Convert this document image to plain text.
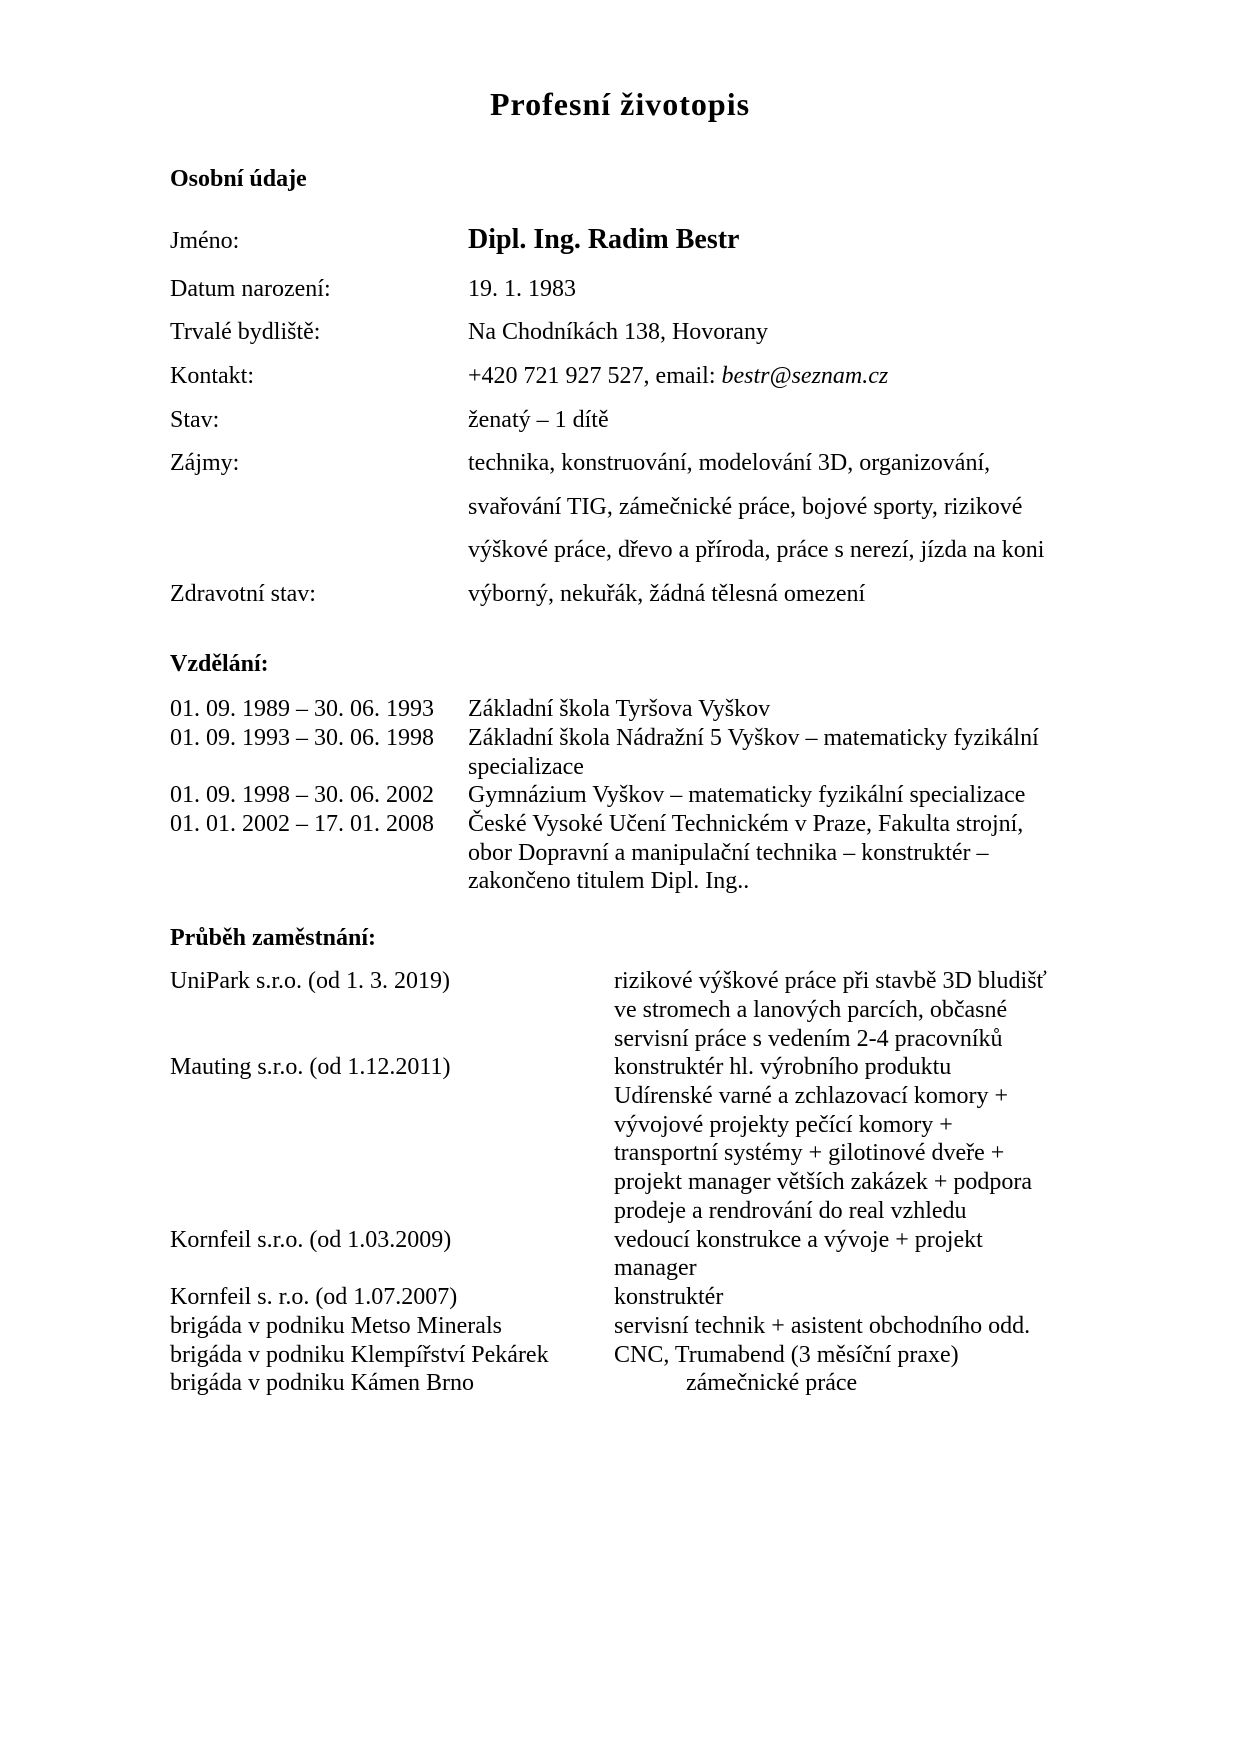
Profesní životopis
Osobní údaje
Jméno:	Dipl. Ing. Radim Bestr
Datum narození:	19. 1. 1983
Trvalé bydliště:	Na Chodníkách 138, Hovorany
Kontakt:	+420 721 927 527, email: bestr@seznam.cz
Stav:	ženatý – 1 dítě
Zájmy:	technika, konstruování, modelování 3D, organizování,
svařování TIG, zámečnické práce, bojové sporty, rizikové
výškové práce, dřevo a příroda, práce s nerezí, jízda na koni
Zdravotní stav:	výborný, nekuřák, žádná tělesná omezení
Vzdělání:
01. 09. 1989 – 30. 06. 1993 Základní škola Tyršova Vyškov
01. 09. 1993 – 30. 06. 1998 Základní škola Nádražní 5 Vyškov – matematicky fyzikální
specializace
01. 09. 1998 – 30. 06. 2002 Gymnázium Vyškov – matematicky fyzikální specializace
01. 01. 2002 – 17. 01. 2008 České Vysoké Učení Technickém v Praze, Fakulta strojní,
obor Dopravní a manipulační technika – konstruktér –
zakončeno titulem Dipl. Ing..
Průběh zaměstnání:
UniPark s.r.o. (od 1. 3. 2019)	rizikové výškové práce při stavbě 3D bludišť
ve stromech a lanových parcích, občasné
servisní práce s vedením 2-4 pracovníků
Mauting s.r.o. (od 1.12.2011)	konstruktér hl. výrobního produktu
Udírenské varné a zchlazovací komory +
vývojové projekty pečící komory +
transportní systémy + gilotinové dveře +
projekt manager větších zakázek + podpora
prodeje a rendrování do real vzhledu
Kornfeil s.r.o. (od 1.03.2009)	vedoucí konstrukce a vývoje + projekt
manager
Kornfeil s. r.o. (od 1.07.2007)	konstruktér
brigáda v podniku Metso Minerals	servisní technik + asistent obchodního odd.
brigáda v podniku Klempířství Pekárek	CNC, Trumabend (3 měsíční praxe)
brigáda v podniku Kámen Brno	zámečnické práce
